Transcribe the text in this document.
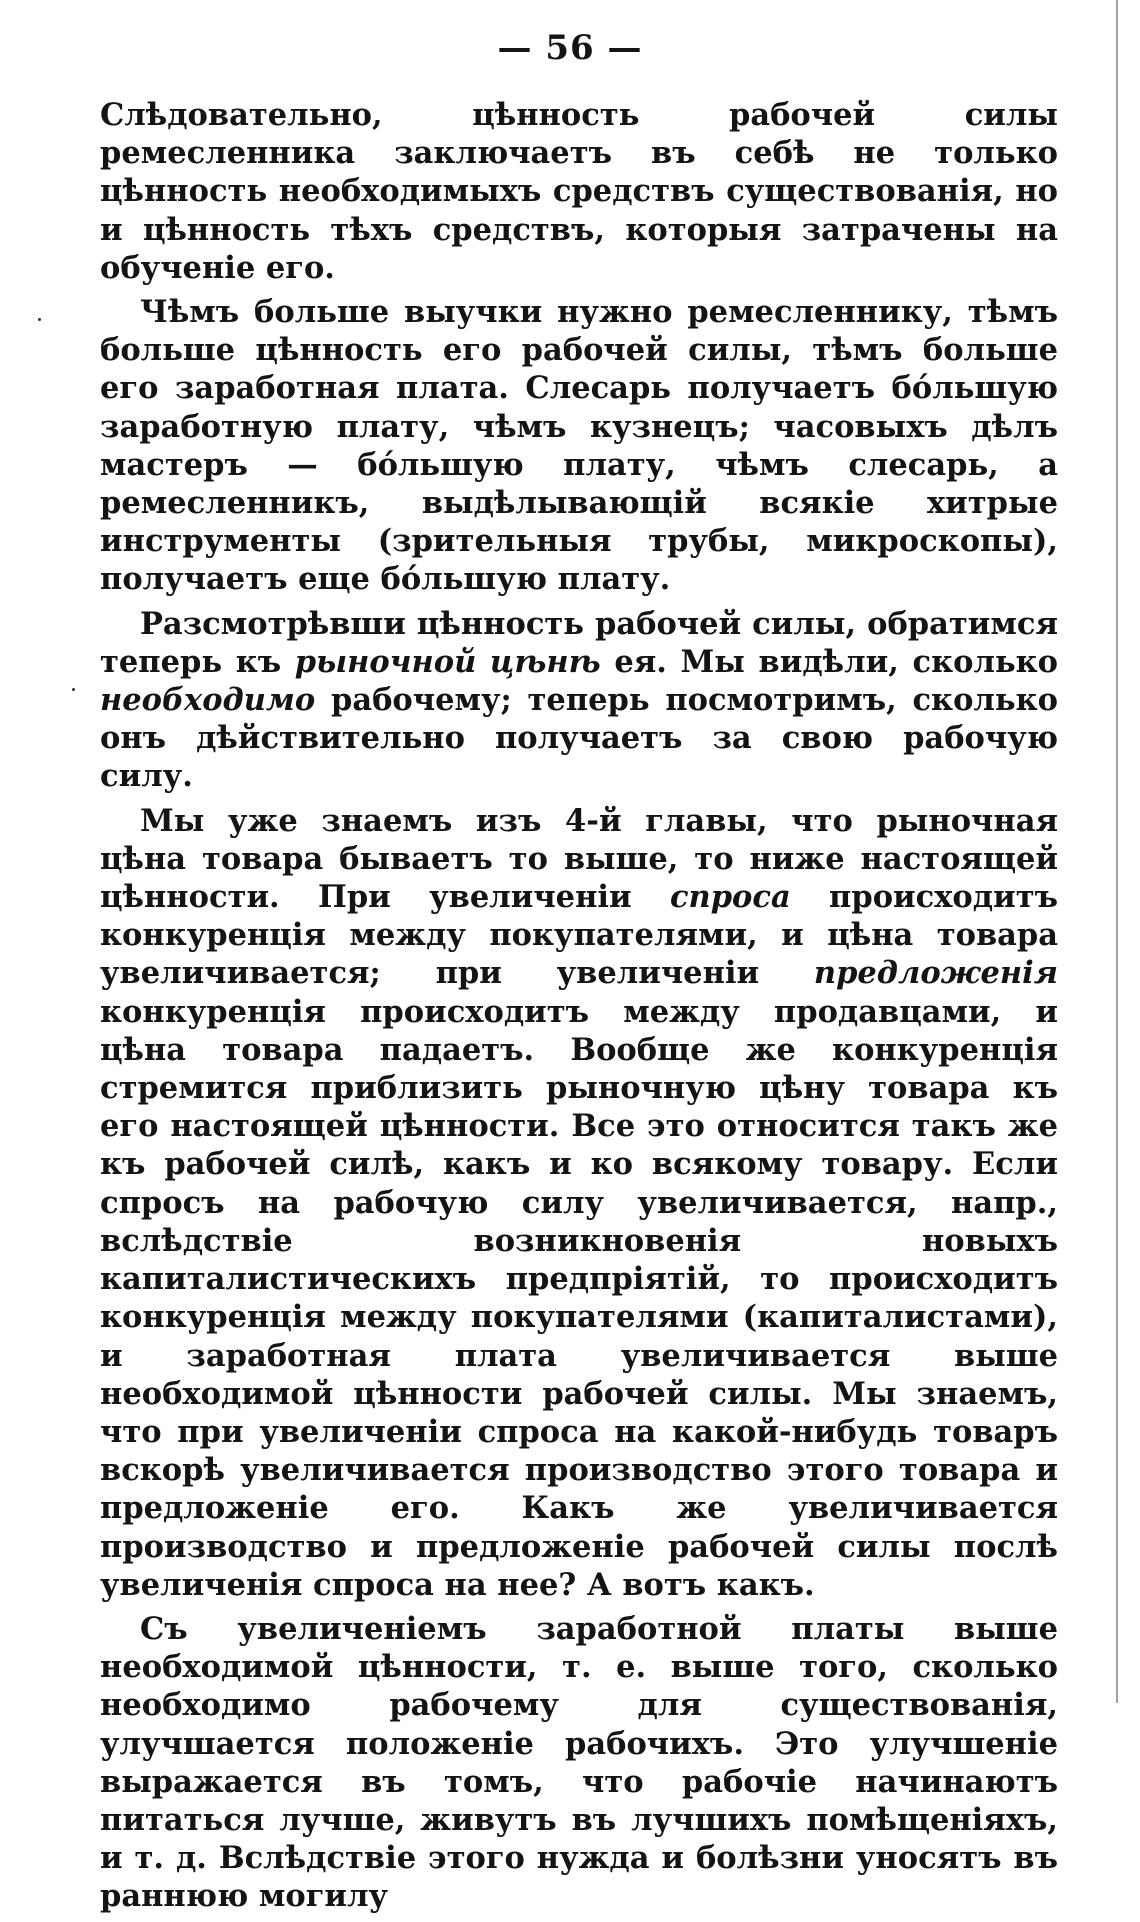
— 56 —

Слѣдовательно, цѣнность рабочей силы ремесленника заключаетъ въ себѣ не только цѣнность необходимыхъ средствъ существованія, но и цѣнность тѣхъ средствъ, которыя затрачены на обученіе его.

Чѣмъ больше выучки нужно ремесленнику, тѣмъ больше цѣнность его рабочей силы, тѣмъ больше его заработная плата. Слесарь получаетъ бо́льшую заработную плату, чѣмъ кузнецъ; часовыхъ дѣлъ мастеръ — бо́льшую плату, чѣмъ слесарь, а ремесленникъ, выдѣлывающій всякіе хитрые инструменты (зрительныя трубы, микроскопы), получаетъ еще бо́льшую плату.

Разсмотрѣвши цѣнность рабочей силы, обратимся теперь къ рыночной цѣнѣ ея. Мы видѣли, сколько необходимо рабочему; теперь посмотримъ, сколько онъ дѣйствительно получаетъ за свою рабочую силу.

Мы уже знаемъ изъ 4-й главы, что рыночная цѣна товара бываетъ то выше, то ниже настоящей цѣнности. При увеличеніи спроса происходитъ конкуренція между покупателями, и цѣна товара увеличивается; при увеличеніи предложенія конкуренція происходитъ между продавцами, и цѣна товара падаетъ. Вообще же конкуренція стремится приблизить рыночную цѣну товара къ его настоящей цѣнности. Все это относится такъ же къ рабочей силѣ, какъ и ко всякому товару. Если спросъ на рабочую силу увеличивается, напр., вслѣдствіе возникновенія новыхъ капиталистическихъ предпріятій, то происходитъ конкуренція между покупателями (капиталистами), и заработная плата увеличивается выше необходимой цѣнности рабочей силы. Мы знаемъ, что при увеличеніи спроса на какой-нибудь товаръ вскорѣ увеличивается производство этого товара и предложеніе его. Какъ же увеличивается производство и предложеніе рабочей силы послѣ увеличенія спроса на нее? А вотъ какъ.

Съ увеличеніемъ заработной платы выше необходимой цѣнности, т. е. выше того, сколько необходимо рабочему для существованія, улучшается положеніе рабочихъ. Это улучшеніе выражается въ томъ, что рабочіе начинаютъ питаться лучше, живутъ въ лучшихъ помѣщеніяхъ, и т. д. Вслѣдствіе этого нужда и болѣзни уносятъ въ раннюю могилу
